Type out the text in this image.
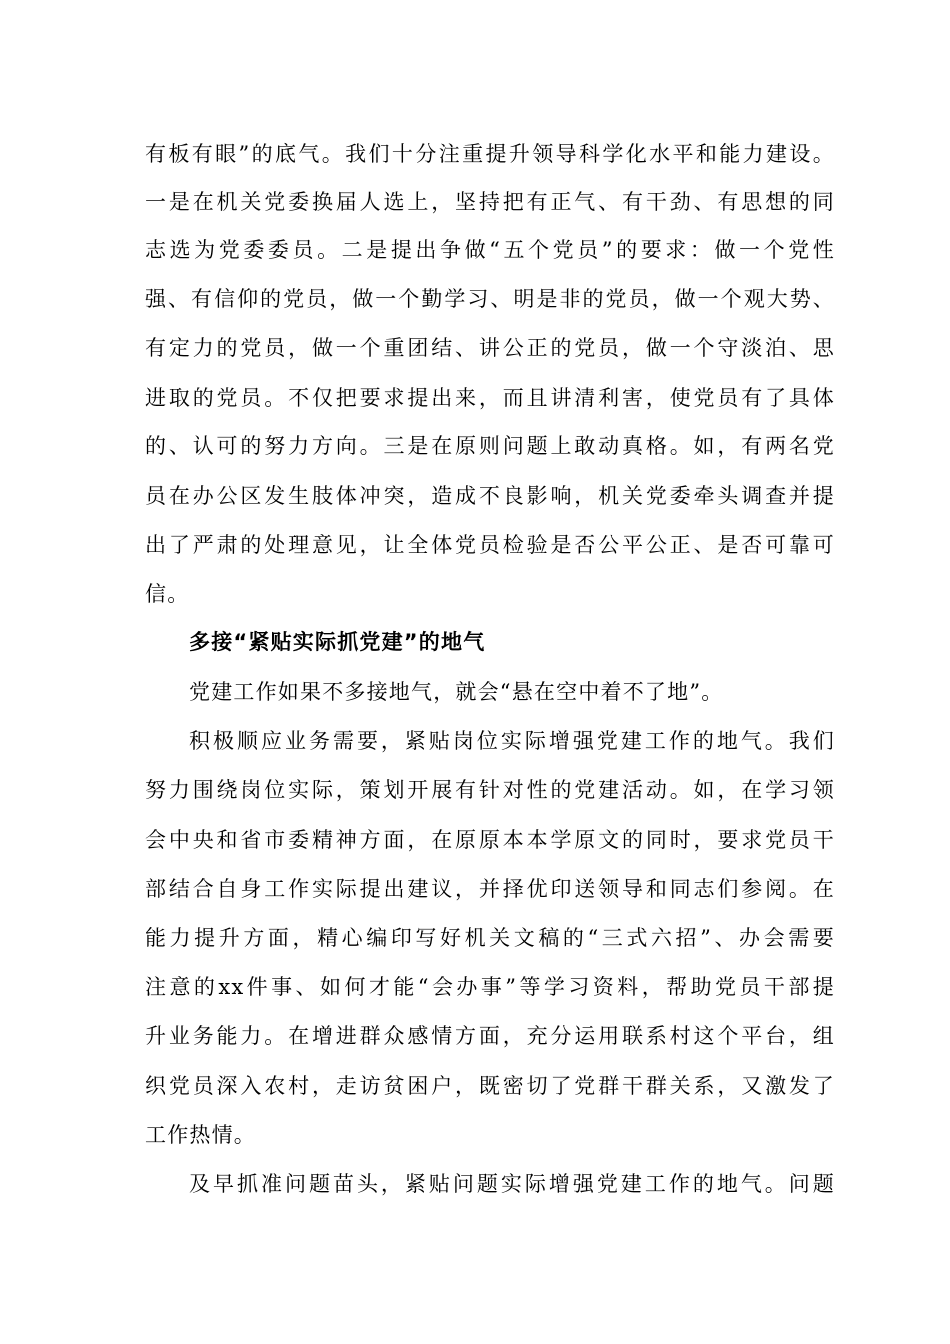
有板有眼”的底气。我们十分注重提升领导科学化水平和能力建设。
一是在机关党委换届人选上，坚持把有正气、有干劲、有思想的同
志选为党委委员。二是提出争做“五个党员”的要求：做一个党性
强、有信仰的党员，做一个勤学习、明是非的党员，做一个观大势、
有定力的党员，做一个重团结、讲公正的党员，做一个守淡泊、思
进取的党员。不仅把要求提出来，而且讲清利害，使党员有了具体
的、认可的努力方向。三是在原则问题上敢动真格。如，有两名党
员在办公区发生肢体冲突，造成不良影响，机关党委牵头调查并提
出了严肃的处理意见，让全体党员检验是否公平公正、是否可靠可
信。
多接“紧贴实际抓党建”的地气
党建工作如果不多接地气，就会“悬在空中着不了地”。
积极顺应业务需要，紧贴岗位实际增强党建工作的地气。我们
努力围绕岗位实际，策划开展有针对性的党建活动。如，在学习领
会中央和省市委精神方面，在原原本本学原文的同时，要求党员干
部结合自身工作实际提出建议，并择优印送领导和同志们参阅。在
能力提升方面，精心编印写好机关文稿的“三式六招”、办会需要
注意的xx件事、如何才能“会办事”等学习资料，帮助党员干部提
升业务能力。在增进群众感情方面，充分运用联系村这个平台，组
织党员深入农村，走访贫困户，既密切了党群干群关系，又激发了
工作热情。
及早抓准问题苗头，紧贴问题实际增强党建工作的地气。问题
